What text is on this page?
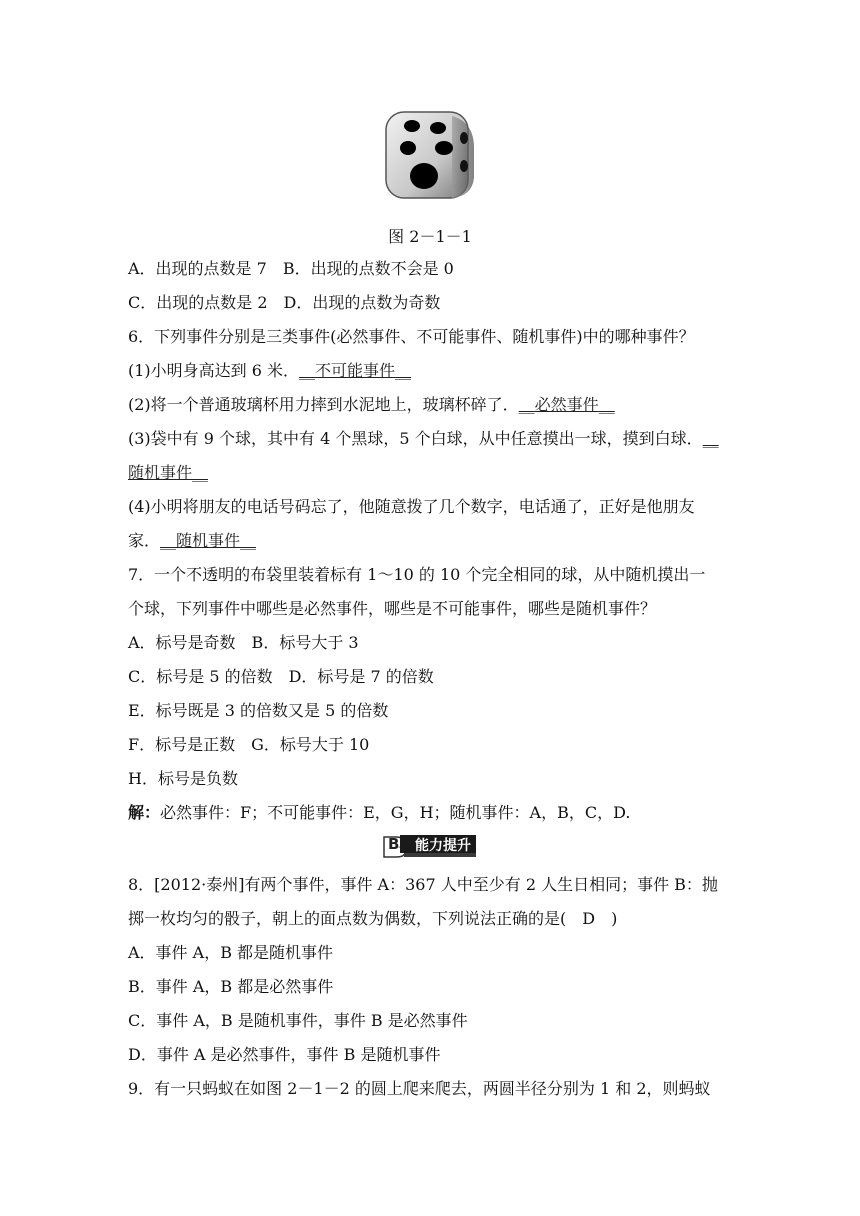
图 2－1－1
A．出现的点数是 7　B．出现的点数不会是 0
C．出现的点数是 2　D．出现的点数为奇数
6．下列事件分别是三类事件(必然事件、不可能事件、随机事件)中的哪种事件？
(1)小明身高达到 6 米．__不可能事件__
(2)将一个普通玻璃杯用力摔到水泥地上，玻璃杯碎了．__必然事件__
(3)袋中有 9 个球，其中有 4 个黑球，5 个白球，从中任意摸出一球，摸到白球．__
随机事件__
(4)小明将朋友的电话号码忘了，他随意拨了几个数字，电话通了，正好是他朋友
家．__随机事件__
7．一个不透明的布袋里装着标有 1～10 的 10 个完全相同的球，从中随机摸出一
个球，下列事件中哪些是必然事件，哪些是不可能事件，哪些是随机事件？
A．标号是奇数　B．标号大于 3
C．标号是 5 的倍数　D．标号是 7 的倍数
E．标号既是 3 的倍数又是 5 的倍数
F．标号是正数　G．标号大于 10
H．标号是负数
解：必然事件：F；不可能事件：E，G，H；随机事件：A，B，C，D.
B	能力提升
8．[2012·泰州]有两个事件，事件 A：367 人中至少有 2 人生日相同；事件 B：抛
掷一枚均匀的骰子，朝上的面点数为偶数，下列说法正确的是(　D　)
A．事件 A，B 都是随机事件
B．事件 A，B 都是必然事件
C．事件 A，B 是随机事件，事件 B 是必然事件
D．事件 A 是必然事件，事件 B 是随机事件
9．有一只蚂蚁在如图 2－1－2 的圆上爬来爬去，两圆半径分别为 1 和 2，则蚂蚁
